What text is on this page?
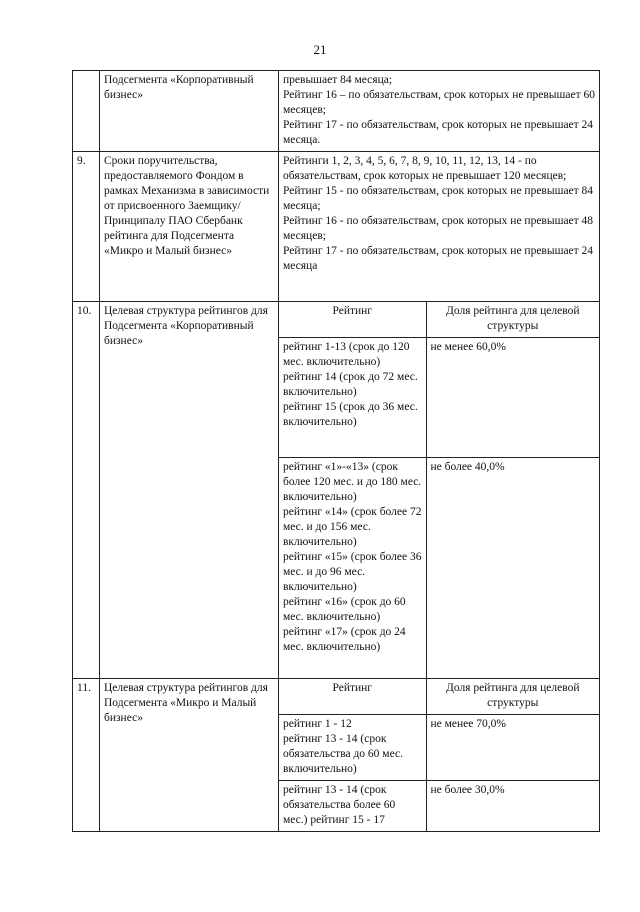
21
	Подсегмента «Корпоративный бизнес»	
превышает 84 месяца;
Рейтинг 16 – по обязательствам, срок которых не превышает 60 месяцев;
Рейтинг 17 - по обязательствам, срок которых не превышает 24 месяца.

9.	Сроки поручительства, предоставляемого Фондом в рамках Механизма в зависимости от присвоенного Заемщику/Принципалу ПАО Сбербанк рейтинга для Подсегмента «Микро и Малый бизнес»	
Рейтинги 1, 2, 3, 4, 5, 6, 7, 8, 9, 10, 11, 12, 13, 14 - по обязательствам, срок которых не превышает 120 месяцев;
Рейтинг 15 - по обязательствам, срок которых не превышает 84 месяца;
Рейтинг 16 - по обязательствам, срок которых не превышает 48 месяцев;
Рейтинг 17 - по обязательствам, срок которых не превышает 24 месяца

10.	Целевая структура рейтингов для Подсегмента «Корпоративный бизнес»	
Рейтинг	Доля рейтинга для целевой структуры

рейтинг 1-13 (срок до 120 мес. включительно)
рейтинг 14 (срок до 72 мес. включительно)
рейтинг 15 (срок до 36 мес. включительно)
	не менее 60,0%

рейтинг «1»-«13» (срок более 120 мес. и до 180 мес. включительно)
рейтинг «14» (срок более 72 мес. и до 156 мес. включительно)
рейтинг «15» (срок более 36 мес. и до 96 мес. включительно)
рейтинг «16» (срок до 60 мес. включительно)
рейтинг «17» (срок до 24 мес. включительно)
	не более 40,0%

11.	Целевая структура рейтингов для Подсегмента «Микро и Малый бизнес»	
Рейтинг	Доля рейтинга для целевой структуры

рейтинг 1 - 12
рейтинг 13 - 14 (срок обязательства до 60 мес. включительно)
	не менее 70,0%

рейтинг 13 - 14 (срок обязательства более 60 мес.) рейтинг 15 - 17
	не более 30,0%
